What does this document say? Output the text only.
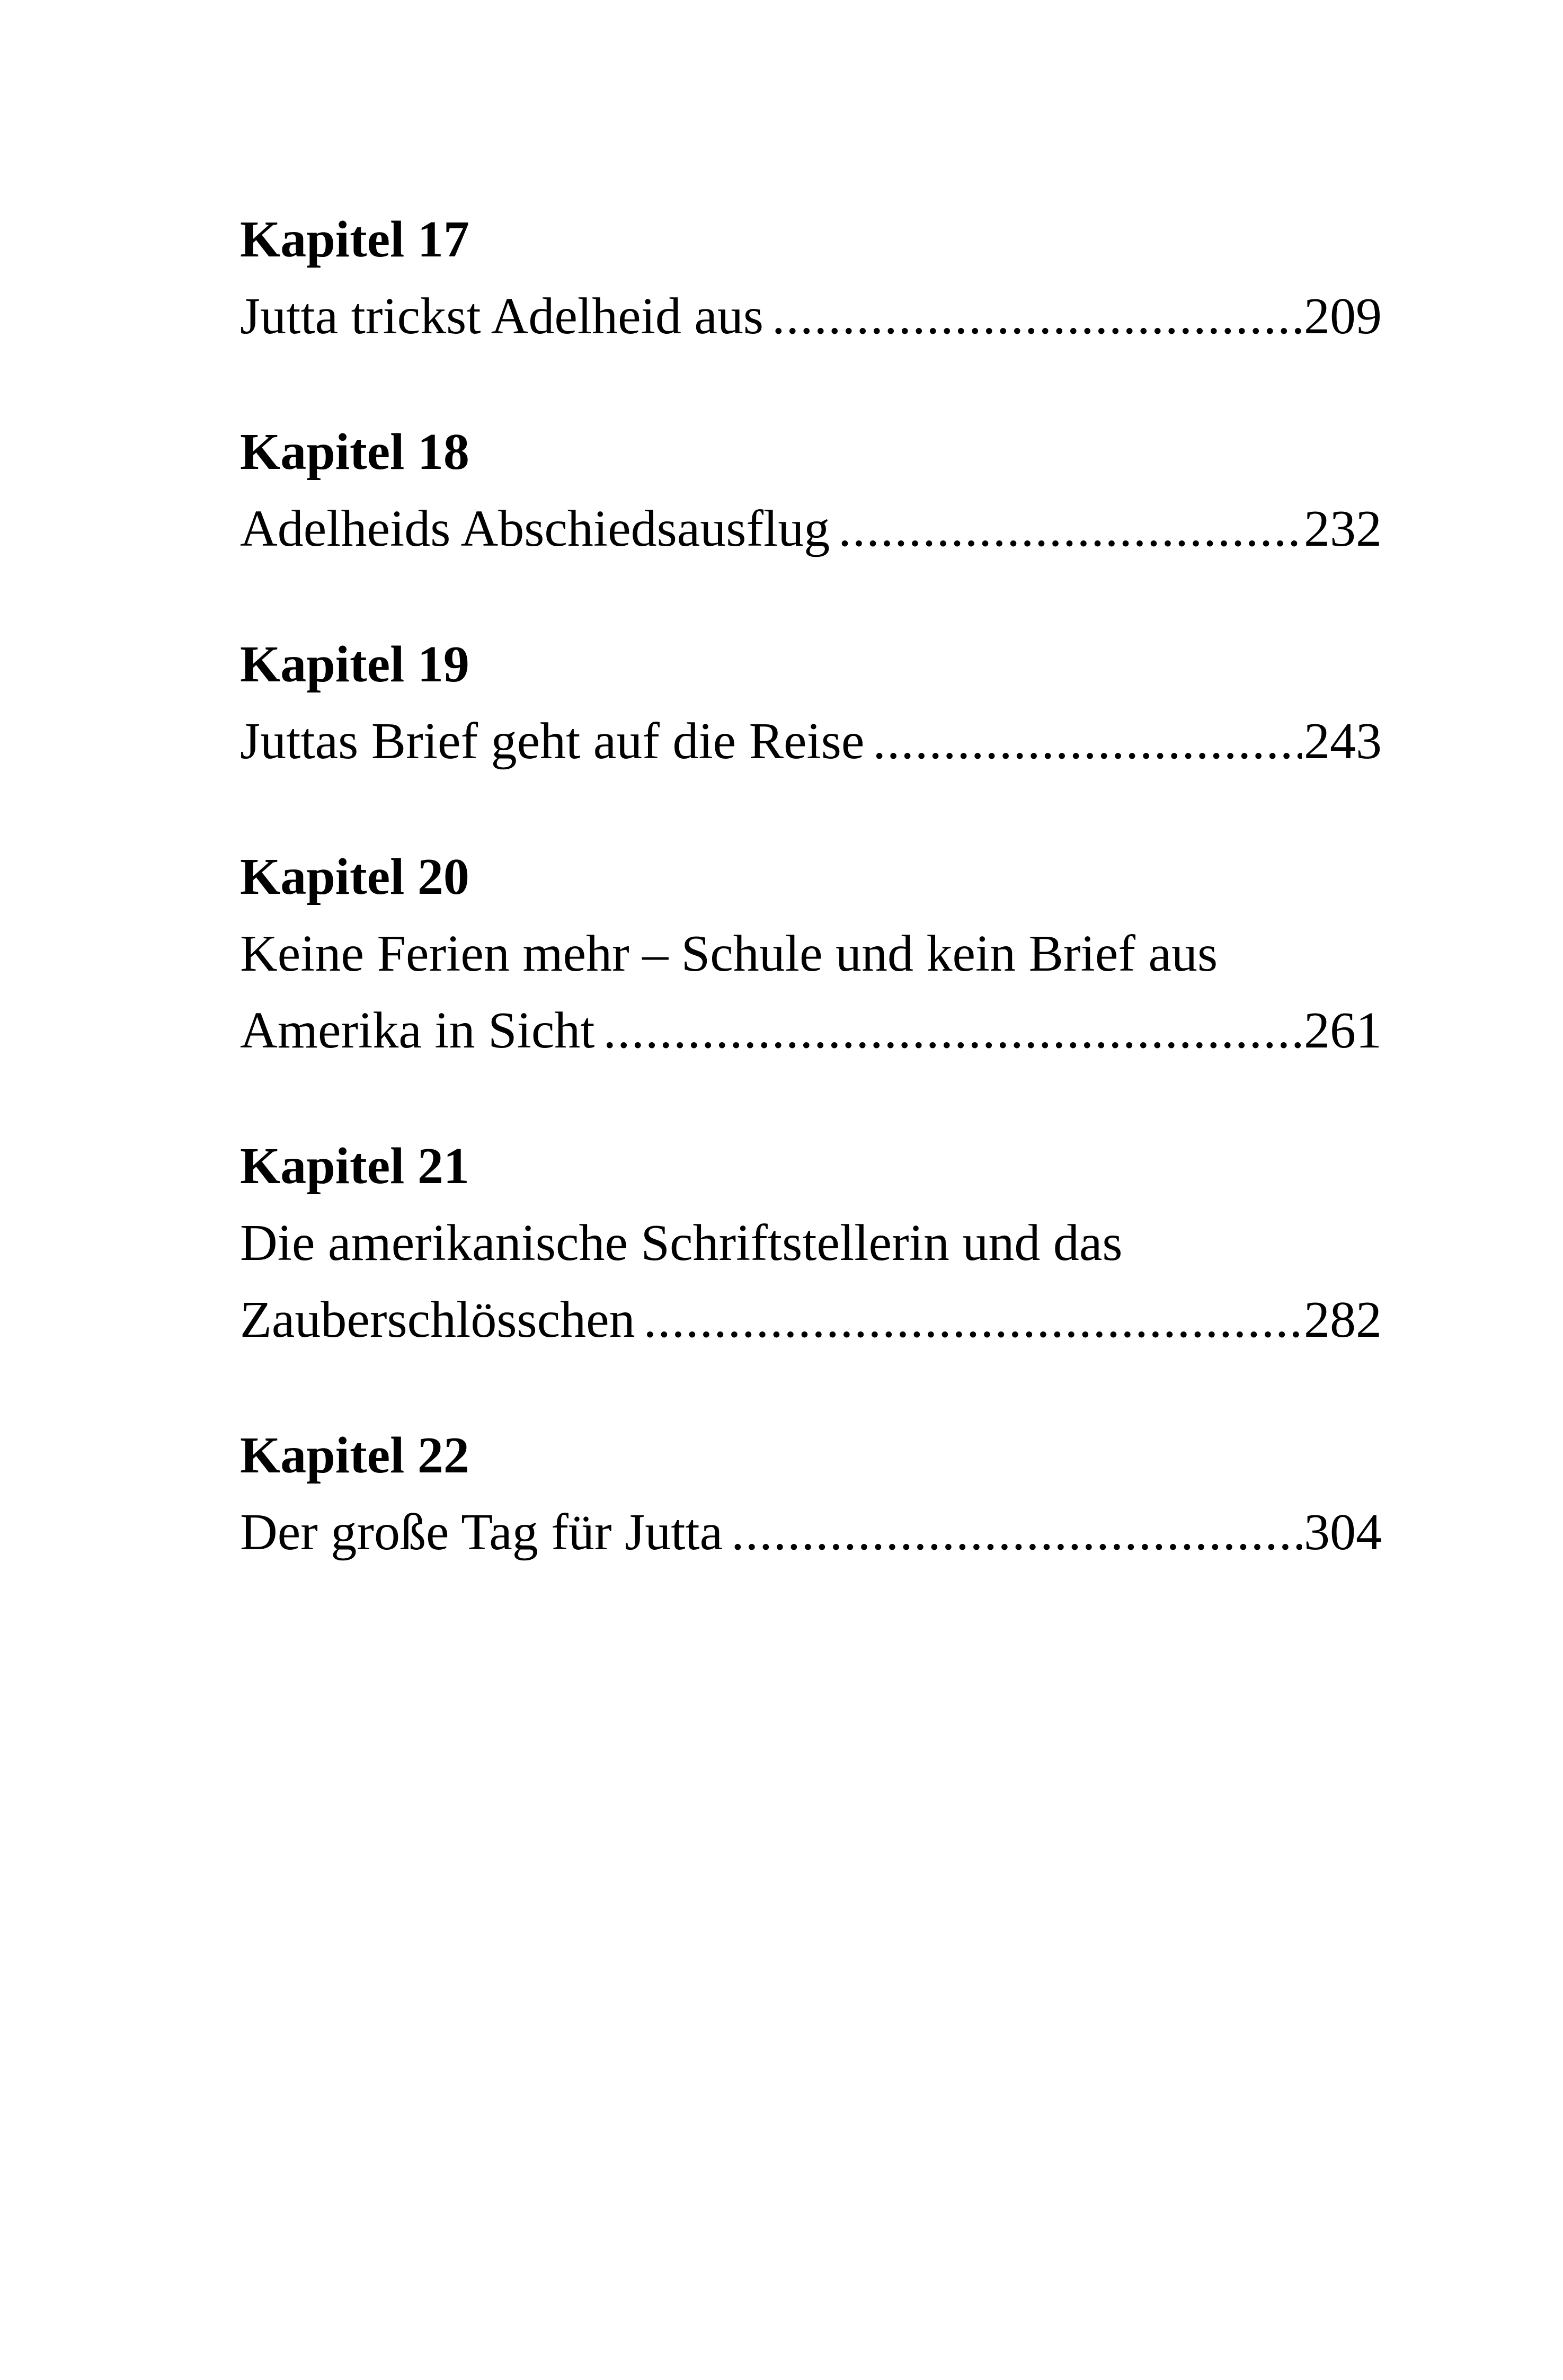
Kapitel 17
Jutta trickst Adelheid aus .....	209
Kapitel 18
Adelheids Abschiedsausflug .....	232
Kapitel 19
Juttas Brief geht auf die Reise .....	243
Kapitel 20
Keine Ferien mehr – Schule und kein Brief aus
Amerika in Sicht .....	261
Kapitel 21
Die amerikanische Schriftstellerin und das
Zauberschlösschen .....	282
Kapitel 22
Der große Tag für Jutta .....	304
